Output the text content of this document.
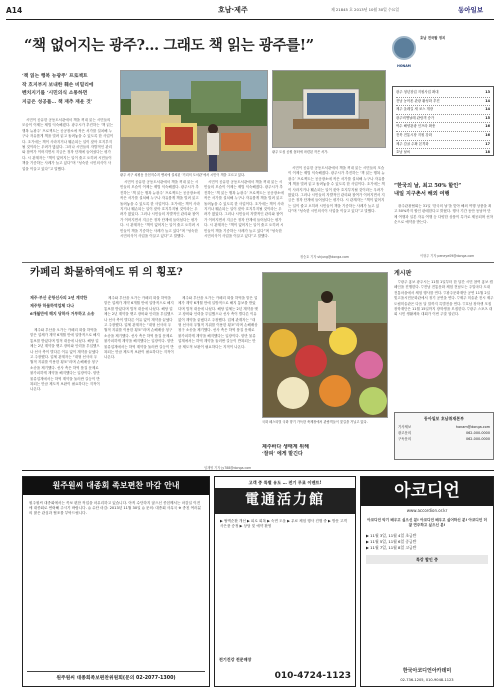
A14	호남·제주	제 21845 호 2013년 10월 30일 수요일	동아일보
“책 없어지는 광주?… 그래도 책 읽는 광주를!”
HONAM
호남 전국팔 정치
광주 청년창업 지원사업 확대	13
전남 농어촌 관광 활성화 추진	14
제주 올레길 새 코스 개장	14
광주비엔날레 관람객 증가	15
여수 해양관광 인프라 확충	16
전북 전통시장 지원 강화	16
제주 감귤 수확 본격화	17
호남 날씨	18
‘책 읽는 행복 뉴광주’ 프로젝트
작 흐지부지 보내한 훼손 비밀리에
벤치지기를 ‘시민의식 소통하면
지금은 성공률… 책 재추 재운 것’
광주 서구 치평동 운천저수지 벤치에 설치된 ‘거리의 도서관’에서 시민이 책을 고르고 있다.
광주 도심 공원 쉼터에 마련된 작은 서가.

시민이 공유한 공동도서관에서 책을 꺼내 읽는 시민들의 모습이 이제는 제법 익숙해졌다. 광주시가 추진하는 ‘책 읽는 행복 뉴광주’ 프로젝트는 공공장소에 작은 서가를 설치해 누구나 자유롭게 책을 빌려 읽고 돌려놓을 수 있도록 한 사업이다. 초기에는 책이 사라지거나 훼손되는 일이 잦아 흐지부지될 것이라는 우려가 많았다. 그러나 시민들의 자발적인 관리와 참여가 이어지면서 지금은 정착 단계에 들어섰다는 평가다. 시 관계자는 “책이 없어지는 일이 줄고 오히려 시민들이 책을 기증하는 사례가 늘고 있다”며 “성숙한 시민의식이 사업을 이끌고 있다”고 말했다.

시민이 공유한 공동도서관에서 책을 꺼내 읽는 시민들의 모습이 이제는 제법 익숙해졌다. 광주시가 추진하는 ‘책 읽는 행복 뉴광주’ 프로젝트는 공공장소에 작은 서가를 설치해 누구나 자유롭게 책을 빌려 읽고 돌려놓을 수 있도록 한 사업이다. 초기에는 책이 사라지거나 훼손되는 일이 잦아 흐지부지될 것이라는 우려가 많았다. 그러나 시민들의 자발적인 관리와 참여가 이어지면서 지금은 정착 단계에 들어섰다는 평가다. 시 관계자는 “책이 없어지는 일이 줄고 오히려 시민들이 책을 기증하는 사례가 늘고 있다”며 “성숙한 시민의식이 사업을 이끌고 있다”고 말했다.

시민이 공유한 공동도서관에서 책을 꺼내 읽는 시민들의 모습이 이제는 제법 익숙해졌다. 광주시가 추진하는 ‘책 읽는 행복 뉴광주’ 프로젝트는 공공장소에 작은 서가를 설치해 누구나 자유롭게 책을 빌려 읽고 돌려놓을 수 있도록 한 사업이다. 초기에는 책이 사라지거나 훼손되는 일이 잦아 흐지부지될 것이라는 우려가 많았다. 그러나 시민들의 자발적인 관리와 참여가 이어지면서 지금은 정착 단계에 들어섰다는 평가다. 시 관계자는 “책이 없어지는 일이 줄고 오히려 시민들이 책을 기증하는 사례가 늘고 있다”며 “성숙한 시민의식이 사업을 이끌고 있다”고 말했다.

시민이 공유한 공동도서관에서 책을 꺼내 읽는 시민들의 모습이 이제는 제법 익숙해졌다. 광주시가 추진하는 ‘책 읽는 행복 뉴광주’ 프로젝트는 공공장소에 작은 서가를 설치해 누구나 자유롭게 책을 빌려 읽고 돌려놓을 수 있도록 한 사업이다. 초기에는 책이 사라지거나 훼손되는 일이 잦아 흐지부지될 것이라는 우려가 많았다. 그러나 시민들의 자발적인 관리와 참여가 이어지면서 지금은 정착 단계에 들어섰다는 평가다. 시 관계자는 “책이 없어지는 일이 줄고 오히려 시민들이 책을 기증하는 사례가 늘고 있다”며 “성숙한 시민의식이 사업을 이끌고 있다”고 말했다.

정승호 기자 shjung@donga.com
“한국의 날, 최고 50% 할인”
내일 지구촌서 해외 여행

광주관광협회는 31일 ‘한국의 날’을 맞아 해외 여행 상품을 최고 50%까지 할인 판매한다고 밝혔다. 행사 기간 동안 동남아 단체 여행과 일본 자유 여행 등 다양한 상품이 특가로 제공되며 선착순으로 예약을 받는다.

이형주 기자 peneye09@donga.com
카페리 화물하역에도 뛰 의 횡포?
제주·부산 운항선사의 2년 계약한
제주항 하물하역업체 다나
6개월만에 해지 당하자 거부하고 소송

제주와 부산을 오가는 카페리 화물 하역을 맡은 업체가 계약 6개월 만에 일방적으로 해지 통보를 받았다며 법적 대응에 나섰다. 해당 업체는 2년 계약을 맺고 장비와 인력을 투입했으나 선사 측이 별다른 이유 없이 계약을 끝냈다고 주장했다. 업체 관계자는 “대형 선사의 우월적 지위를 이용한 횡포”라며 손해배상 청구 소송을 제기했다. 선사 측은 하역 품질 문제로 불가피하게 계약을 해지했다는 입장이다. 항만 물류업계에서는 하역 계약을 둘러싼 갈등이 반복되는 만큼 제도적 보완이 필요하다는 지적이 나온다.

제주와 부산을 오가는 카페리 화물 하역을 맡은 업체가 계약 6개월 만에 일방적으로 해지 통보를 받았다며 법적 대응에 나섰다. 해당 업체는 2년 계약을 맺고 장비와 인력을 투입했으나 선사 측이 별다른 이유 없이 계약을 끝냈다고 주장했다. 업체 관계자는 “대형 선사의 우월적 지위를 이용한 횡포”라며 손해배상 청구 소송을 제기했다. 선사 측은 하역 품질 문제로 불가피하게 계약을 해지했다는 입장이다. 항만 물류업계에서는 하역 계약을 둘러싼 갈등이 반복되는 만큼 제도적 보완이 필요하다는 지적이 나온다.

제주와 부산을 오가는 카페리 화물 하역을 맡은 업체가 계약 6개월 만에 일방적으로 해지 통보를 받았다며 법적 대응에 나섰다. 해당 업체는 2년 계약을 맺고 장비와 인력을 투입했으나 선사 측이 별다른 이유 없이 계약을 끝냈다고 주장했다. 업체 관계자는 “대형 선사의 우월적 지위를 이용한 횡포”라며 손해배상 청구 소송을 제기했다. 선사 측은 하역 품질 문제로 불가피하게 계약을 해지했다는 입장이다. 항만 물류업계에서는 하역 계약을 둘러싼 갈등이 반복되는 만큼 제도적 보완이 필요하다는 지적이 나온다.

임재영 기자 jy788@donga.com
국화 페스티벌 국화 향기 가득한 축제장에서 관람객들이 꽃길을 거닐고 있다.
게시판

▽광주 홍보 광주시는 11월 1일부터 한 달간 시민 참여 홍보 캠페인을 진행한다. ▽전남 전통문화 체험 전남도는 주말마다 도내 전통마을에서 체험 행사를 연다. ▽광주문화재단 공연 11월 2일 빛고을시민문화관에서 정기 공연을 연다. ▽제주 미술관 전시 제주도립미술관은 다음 달 말까지 특별전을 연다. ▽호남 장학생 모집 장학재단은 11월 15일까지 장학생을 모집한다. ▽광주 스포츠 대회 시민 생활체육 대회가 이번 주말 열린다.

동아일보 호남취재본부
기사제보	honam@donga.com
광고문의	062-000-0000
구독문의	062-000-0000
원주원씨 대종회 족보편찬 마감 안내
원주원씨 대종회에서는 족보 편찬 작업을 마무리하고 있습니다. 아직 수단하지 않으신 종친께서는 마감일 이전에 대종회로 연락해 주시기 바랍니다. ◎ 수단 마감: 2013년 11월 30일 ◎ 문의: 대종회 사무국 ※ 종친 여러분의 많은 관심과 협조를 부탁드립니다.
원주원씨 대종회족보편찬위원회(문의 02-2077-1300)
고객 중 특별 유도 … 전기 무료 이벤트!
電通活力館
▶ 혈액순환 개선 ▶ 피로 회복 ▶ 숙면 도움 ▶ 무료 체험 행사 진행 중 ▶ 방문 고객 사은품 증정 ▶ 상담 및 예약 환영
전기건강 전문매장
010-4724-1123
아코디언
www.accordion.or.kr
아코디언 악기 배우고 싶으신 분! 아코디언 배우고 싶어하신 분! 아코디언 더 잘 연주하고 싶으신 분!
▶ 11월 3일, 11월 4일 초급반
▶ 11월 5일, 11월 6일 중급반
▶ 11월 7일, 11월 8일 고급반
특강 할인 중
한국아코디언아카데미
02-736-1205, 010-9048-1123
제주바다 생태계 위해
‘잘피’ 에게 맡긴다
